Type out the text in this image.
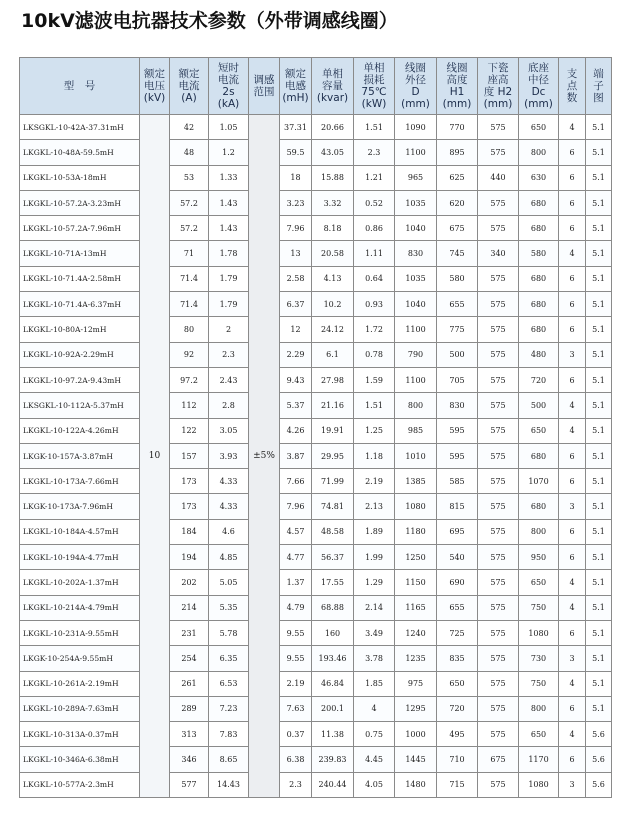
10kV滤波电抗器技术参数（外带调感线圈）
型　号	额定
电压
(kV)	额定
电流
(A)	短时
电流
2s
(kA)	调感
范围	额定
电感
(mH)	单相
容量
(kvar)	单相
损耗
75℃
(kW)	线圈
外径
D
(mm)	线圈
高度
H1
(mm)	下瓷
座高
度 H2
(mm)	底座
中径
Dc
(mm)	支
点
数	端
子
图
LKSGKL-10-42A-37.31mH	10	42	1.05	±5%	37.31	20.66	1.51	1090	770	575	650	4	5.1
LKGKL-10-48A-59.5mH		48	1.2		59.5	43.05	2.3	1100	895	575	800	6	5.1
LKGKL-10-53A-18mH		53	1.33		18	15.88	1.21	965	625	440	630	6	5.1
LKGKL-10-57.2A-3.23mH		57.2	1.43		3.23	3.32	0.52	1035	620	575	680	6	5.1
LKGKL-10-57.2A-7.96mH		57.2	1.43		7.96	8.18	0.86	1040	675	575	680	6	5.1
LKGKL-10-71A-13mH		71	1.78		13	20.58	1.11	830	745	340	580	4	5.1
LKGKL-10-71.4A-2.58mH		71.4	1.79		2.58	4.13	0.64	1035	580	575	680	6	5.1
LKGKL-10-71.4A-6.37mH		71.4	1.79		6.37	10.2	0.93	1040	655	575	680	6	5.1
LKGKL-10-80A-12mH		80	2		12	24.12	1.72	1100	775	575	680	6	5.1
LKGKL-10-92A-2.29mH		92	2.3		2.29	6.1	0.78	790	500	575	480	3	5.1
LKGKL-10-97.2A-9.43mH		97.2	2.43		9.43	27.98	1.59	1100	705	575	720	6	5.1
LKSGKL-10-112A-5.37mH		112	2.8		5.37	21.16	1.51	800	830	575	500	4	5.1
LKGKL-10-122A-4.26mH		122	3.05		4.26	19.91	1.25	985	595	575	650	4	5.1
LKGK-10-157A-3.87mH		157	3.93		3.87	29.95	1.18	1010	595	575	680	6	5.1
LKGKL-10-173A-7.66mH		173	4.33		7.66	71.99	2.19	1385	585	575	1070	6	5.1
LKGK-10-173A-7.96mH		173	4.33		7.96	74.81	2.13	1080	815	575	680	3	5.1
LKGKL-10-184A-4.57mH		184	4.6		4.57	48.58	1.89	1180	695	575	800	6	5.1
LKGKL-10-194A-4.77mH		194	4.85		4.77	56.37	1.99	1250	540	575	950	6	5.1
LKGKL-10-202A-1.37mH		202	5.05		1.37	17.55	1.29	1150	690	575	650	4	5.1
LKGKL-10-214A-4.79mH		214	5.35		4.79	68.88	2.14	1165	655	575	750	4	5.1
LKGKL-10-231A-9.55mH		231	5.78		9.55	160	3.49	1240	725	575	1080	6	5.1
LKGK-10-254A-9.55mH		254	6.35		9.55	193.46	3.78	1235	835	575	730	3	5.1
LKGKL-10-261A-2.19mH		261	6.53		2.19	46.84	1.85	975	650	575	750	4	5.1
LKGKL-10-289A-7.63mH		289	7.23		7.63	200.1	4	1295	720	575	800	6	5.1
LKGKL-10-313A-0.37mH		313	7.83		0.37	11.38	0.75	1000	495	575	650	4	5.6
LKGKL-10-346A-6.38mH		346	8.65		6.38	239.83	4.45	1445	710	675	1170	6	5.6
LKGKL-10-577A-2.3mH		577	14.43		2.3	240.44	4.05	1480	715	575	1080	3	5.6
